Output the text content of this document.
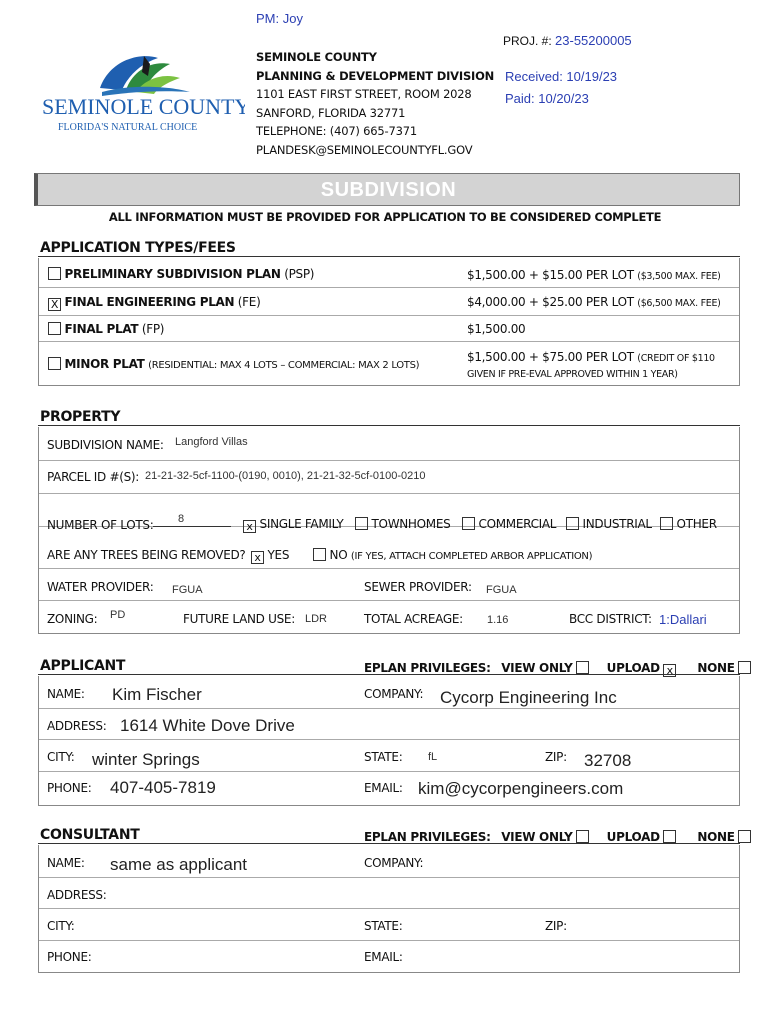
PM: Joy
PROJ. #: 23-55200005
SEMINOLE COUNTY
FLORIDA'S NATURAL CHOICE
SEMINOLE COUNTY
PLANNING & DEVELOPMENT DIVISION
1101 EAST FIRST STREET, ROOM 2028
SANFORD, FLORIDA 32771
TELEPHONE: (407) 665-7371
PLANDESK@SEMINOLECOUNTYFL.GOV
Received: 10/19/23
Paid: 10/20/23
SUBDIVISION
ALL INFORMATION MUST BE PROVIDED FOR APPLICATION TO BE CONSIDERED COMPLETE
APPLICATION TYPES/FEES
PRELIMINARY SUBDIVISION PLAN (PSP)	$1,500.00 + $15.00 PER LOT ($3,500 MAX. FEE)
X FINAL ENGINEERING PLAN (FE)	$4,000.00 + $25.00 PER LOT ($6,500 MAX. FEE)
FINAL PLAT (FP)	$1,500.00
MINOR PLAT (RESIDENTIAL: MAX 4 LOTS – COMMERCIAL: MAX 2 LOTS)
$1,500.00 + $75.00 PER LOT (CREDIT OF $110
GIVEN IF PRE-EVAL APPROVED WITHIN 1 YEAR)
PROPERTY
SUBDIVISION NAME: Langford Villas
PARCEL ID #(S): 21-21-32-5cf-1100-(0190, 0010), 21-21-32-5cf-0100-0210
NUMBER OF LOTS: 8
x SINGLE FAMILY	TOWNHOMES	COMMERCIAL	INDUSTRIAL	OTHER
ARE ANY TREES BEING REMOVED? x YES	NO (IF YES, ATTACH COMPLETED ARBOR APPLICATION)
WATER PROVIDER: FGUA	SEWER PROVIDER: FGUA
ZONING: PD	FUTURE LAND USE: LDR	TOTAL ACREAGE: 1.16	BCC DISTRICT: 1:Dallari
APPLICANT	EPLAN PRIVILEGES: VIEW ONLY	UPLOAD x NONE
NAME: Kim Fischer	COMPANY: Cycorp Engineering Inc
ADDRESS: 1614 White Dove Drive
CITY: winter Springs	STATE: fL	ZIP: 32708
PHONE: 407-405-7819	EMAIL: kim@cycorpengineers.com
CONSULTANT	EPLAN PRIVILEGES: VIEW ONLY	UPLOAD	NONE
NAME: same as applicant	COMPANY:
ADDRESS:
CITY:	STATE:	ZIP:
PHONE:	EMAIL:
